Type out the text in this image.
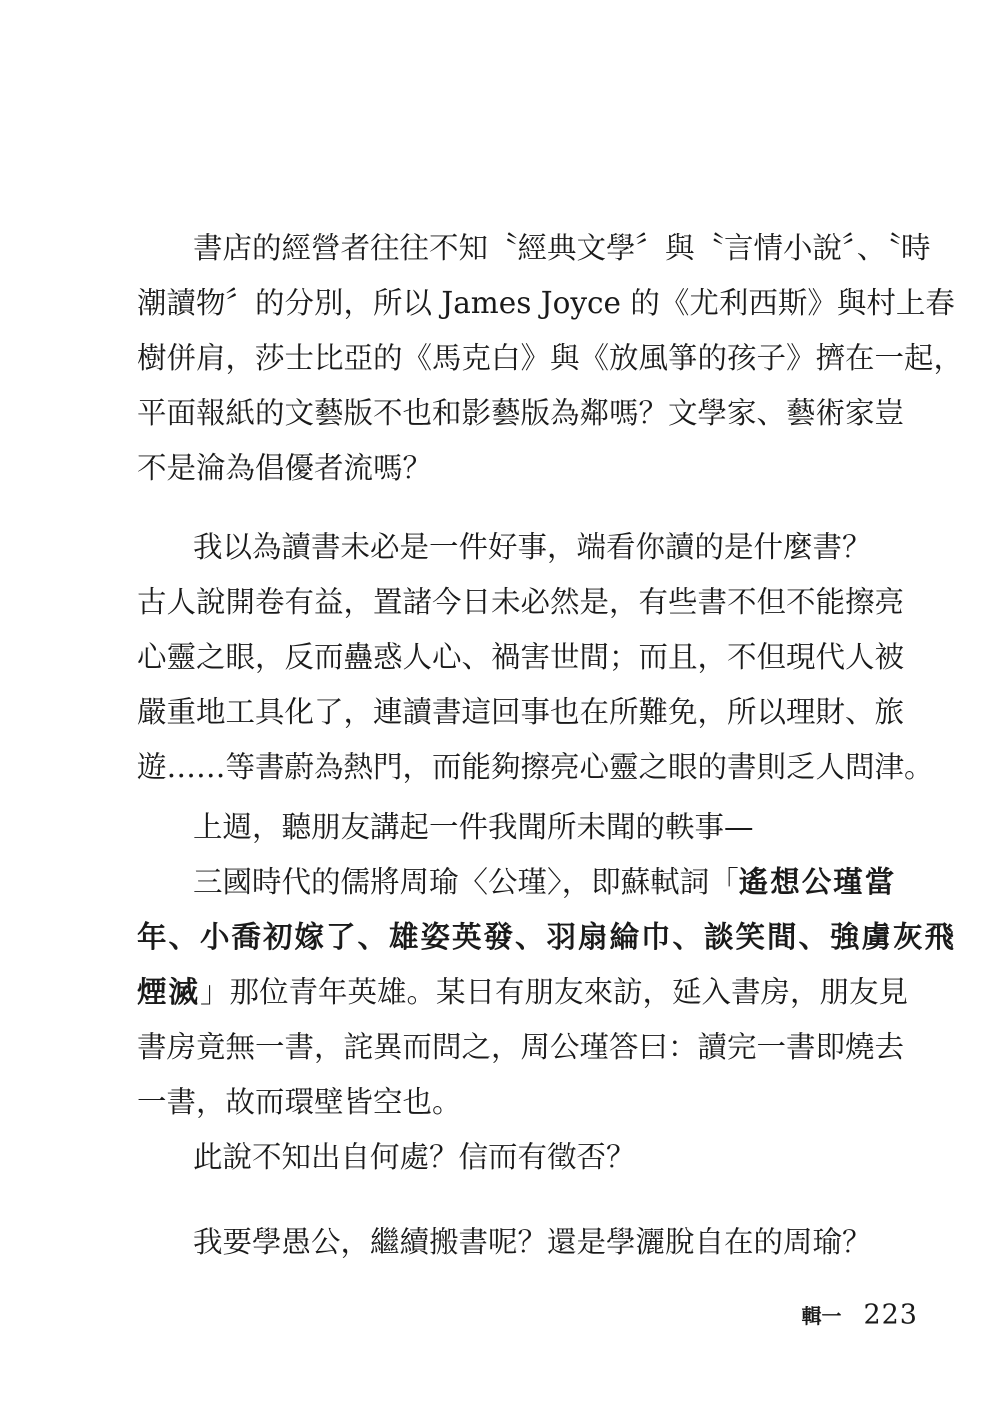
書店的經營者往往不知〝經典文學〞與〝言情小說〞、〝時
潮讀物〞的分別，所以 James Joyce 的《尤利西斯》與村上春
樹併肩，莎士比亞的《馬克白》與《放風箏的孩子》擠在一起，
平面報紙的文藝版不也和影藝版為鄰嗎？文學家、藝術家豈
不是淪為倡優者流嗎？
我以為讀書未必是一件好事，端看你讀的是什麼書？
古人說開卷有益，置諸今日未必然是，有些書不但不能擦亮
心靈之眼，反而蠱惑人心、禍害世間；而且，不但現代人被
嚴重地工具化了，連讀書這回事也在所難免，所以理財、旅
遊……等書蔚為熱門，而能夠擦亮心靈之眼的書則乏人問津。
上週，聽朋友講起一件我聞所未聞的軼事—
三國時代的儒將周瑜〈公瑾〉，即蘇軾詞「遙想公瑾當
年、小喬初嫁了、雄姿英發、羽扇綸巾、談笑間、強虜灰飛
煙滅」那位青年英雄。某日有朋友來訪，延入書房，朋友見
書房竟無一書，詫異而問之，周公瑾答曰：讀完一書即燒去
一書，故而環壁皆空也。
此說不知出自何處？信而有徵否？
我要學愚公，繼續搬書呢？還是學灑脫自在的周瑜？
輯一 223
